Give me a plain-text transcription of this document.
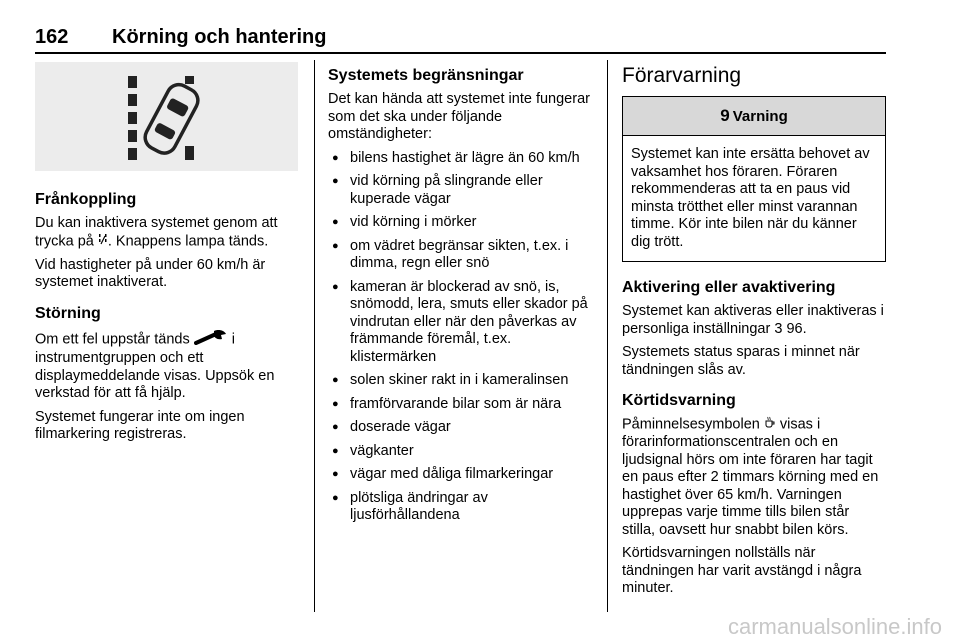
162 Körning och hantering
Frånkoppling

Du kan inaktivera systemet genom att trycka på . Knappens lampa tänds.

Vid hastigheter på under 60 km/h är systemet inaktiverat.

Störning

Om ett fel uppstår tänds  i instrumentgruppen och ett displaymeddelande visas. Uppsök en verkstad för att få hjälp.

Systemet fungerar inte om ingen filmarkering registreras.

Systemets begränsningar

Det kan hända att systemet inte fungerar som det ska under följande omständigheter:

● bilens hastighet är lägre än 60 km/h
● vid körning på slingrande eller kuperade vägar
● vid körning i mörker
● om vädret begränsar sikten, t.ex. i dimma, regn eller snö
● kameran är blockerad av snö, is, snömodd, lera, smuts eller skador på vindrutan eller när den påverkas av främmande föremål, t.ex. klistermärken
● solen skiner rakt in i kameralinsen
● framförvarande bilar som är nära
● doserade vägar
● vägkanter
● vägar med dåliga filmarkeringar
● plötsliga ändringar av ljusförhållandena
Förarvarning
9 Varning

Systemet kan inte ersätta behovet av vaksamhet hos föraren. Föraren rekommenderas att ta en paus vid minsta trötthet eller minst varannan timme. Kör inte bilen när du känner dig trött.

Aktivering eller avaktivering

Systemet kan aktiveras eller inaktiveras i personliga inställningar 3 96.

Systemets status sparas i minnet när tändningen slås av.

Körtidsvarning

Påminnelsesymbolen  visas i förarinformationscentralen och en ljudsignal hörs om inte föraren har tagit en paus efter 2 timmars körning med en hastighet över 65 km/h. Varningen upprepas varje timme tills bilen står stilla, oavsett hur snabbt bilen körs.

Körtidsvarningen nollställs när tändningen har varit avstängd i några minuter.

carmanualsonline.info
